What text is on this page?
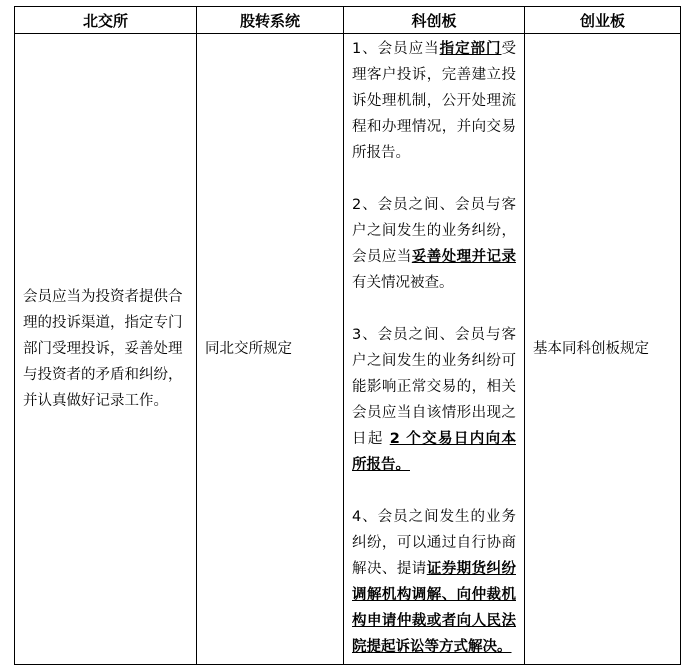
北交所	股转系统	科创板	创业板
会员应当为投资者提供合理的投诉渠道，指定专门部门受理投诉，妥善处理与投资者的矛盾和纠纷，并认真做好记录工作。	同北交所规定	1、会员应当指定部门受理客户投诉，完善建立投诉处理机制，公开处理流程和办理情况，并向交易所报告。

2、会员之间、会员与客户之间发生的业务纠纷，会员应当妥善处理并记录有关情况被查。

3、会员之间、会员与客户之间发生的业务纠纷可能影响正常交易的，相关会员应当自该情形出现之日起 2 个交易日内向本所报告。

4、会员之间发生的业务纠纷，可以通过自行协商解决、提请证券期货纠纷调解机构调解、向仲裁机构申请仲裁或者向人民法院提起诉讼等方式解决。	基本同科创板规定
